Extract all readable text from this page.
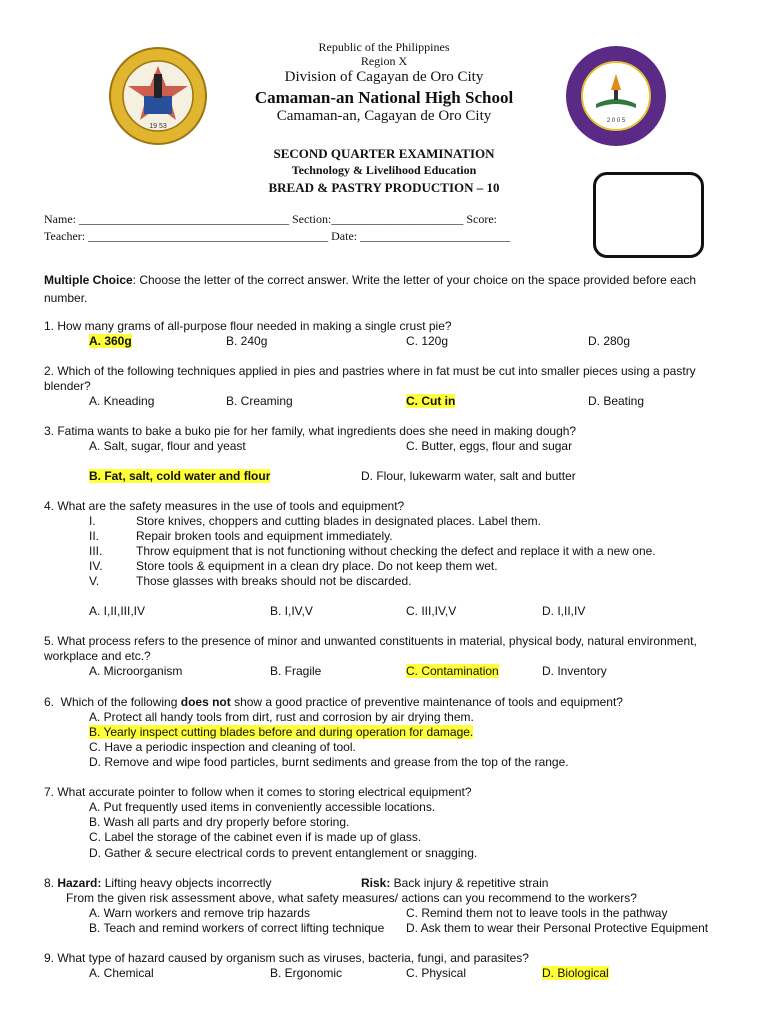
19 53
2 0 0 5
Republic of the Philippines
Region X
Division of Cagayan de Oro City
Camaman-an National High School
Camaman-an, Cagayan de Oro City
SECOND QUARTER EXAMINATION
Technology & Livelihood Education
BREAD & PASTRY PRODUCTION – 10
Name: ___________________________________ Section:______________________ Score:
Teacher: ________________________________________ Date: _________________________
Multiple Choice: Choose the letter of the correct answer. Write the letter of your choice on the space provided before each
number.
1. How many grams of all-purpose flour needed in making a single crust pie?
A. 360g	B. 240g	C. 120g	D. 280g
2. Which of the following techniques applied in pies and pastries where in fat must be cut into smaller pieces using a pastry
blender?
A. Kneading	B. Creaming	C. Cut in	D. Beating
3. Fatima wants to bake a buko pie for her family, what ingredients does she need in making dough?
A. Salt, sugar, flour and yeast	C. Butter, eggs, flour and sugar
B. Fat, salt, cold water and flour	D. Flour, lukewarm water, salt and butter
4. What are the safety measures in the use of tools and equipment?
I.	Store knives, choppers and cutting blades in designated places. Label them.
II.	Repair broken tools and equipment immediately.
III.	Throw equipment that is not functioning without checking the defect and replace it with a new one.
IV.	Store tools & equipment in a clean dry place. Do not keep them wet.
V.	Those glasses with breaks should not be discarded.
A. I,II,III,IV	B. I,IV,V	C. III,IV,V	D. I,II,IV
5. What process refers to the presence of minor and unwanted constituents in material, physical body, natural environment,
workplace and etc.?
A. Microorganism	B. Fragile	C. Contamination	D. Inventory
6.  Which of the following does not show a good practice of preventive maintenance of tools and equipment?
A. Protect all handy tools from dirt, rust and corrosion by air drying them.
B. Yearly inspect cutting blades before and during operation for damage.
C. Have a periodic inspection and cleaning of tool.
D. Remove and wipe food particles, burnt sediments and grease from the top of the range.
7. What accurate pointer to follow when it comes to storing electrical equipment?
A. Put frequently used items in conveniently accessible locations.
B. Wash all parts and dry properly before storing.
C. Label the storage of the cabinet even if is made up of glass.
D. Gather & secure electrical cords to prevent entanglement or snagging.
8. Hazard: Lifting heavy objects incorrectly	Risk: Back injury & repetitive strain
From the given risk assessment above, what safety measures/ actions can you recommend to the workers?
A. Warn workers and remove trip hazards	C. Remind them not to leave tools in the pathway
B. Teach and remind workers of correct lifting technique D. Ask them to wear their Personal Protective Equipment
9. What type of hazard caused by organism such as viruses, bacteria, fungi, and parasites?
A. Chemical	B. Ergonomic	C. Physical	D. Biological
